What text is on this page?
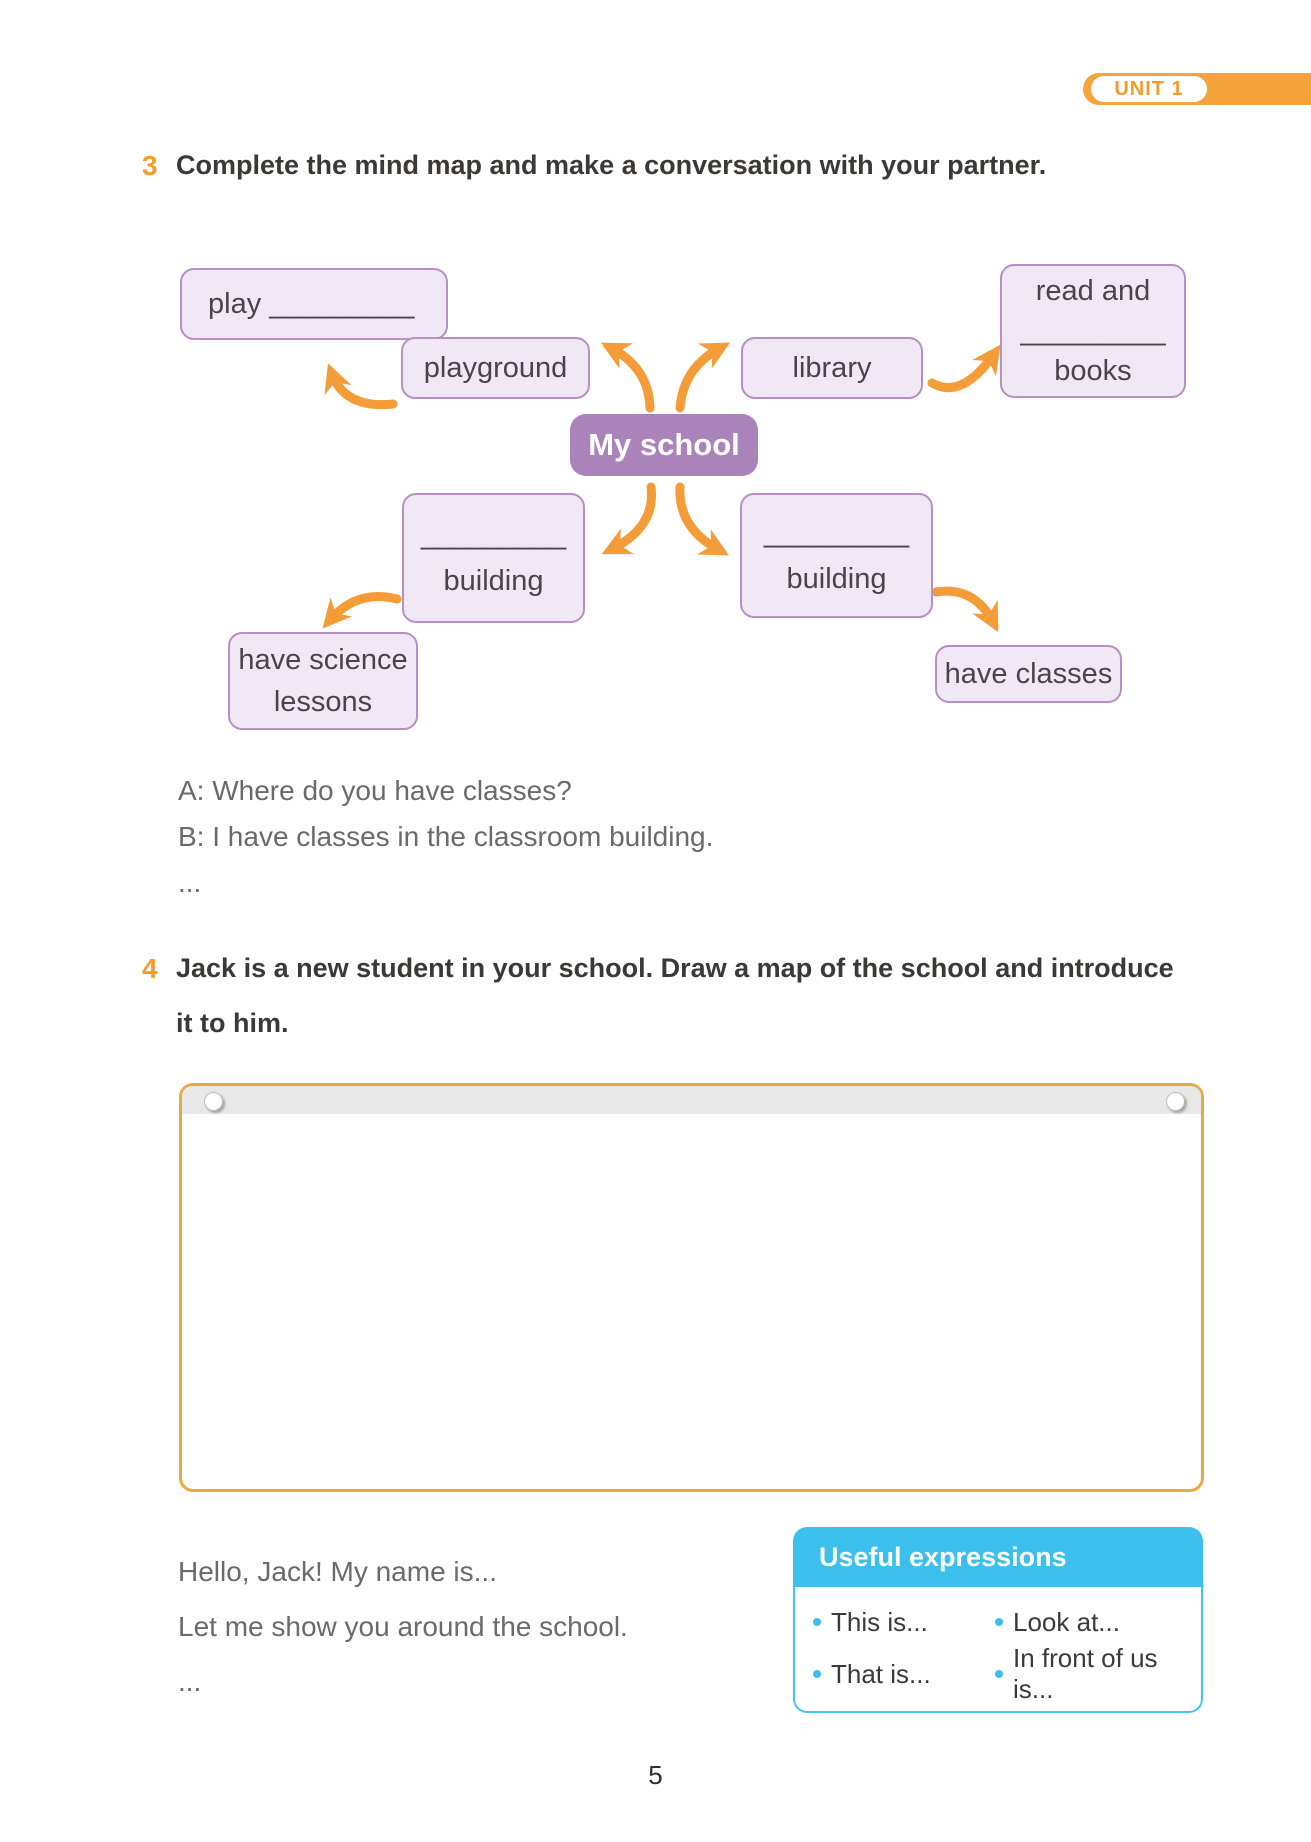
UNIT 1
3 Complete the mind map and make a conversation with your partner.
play _________
playground	library
read and
_________
books
My school
_________
building
_________
building
have science
lessons
have classes
A: Where do you have classes?
B: I have classes in the classroom building.
...
4 Jack is a new student in your school. Draw a map of the school and introduce
it to him.
Hello, Jack! My name is...
Let me show you around the school.
...
Useful expressions
This is...	Look at...
That is...
In front of us is...
5
